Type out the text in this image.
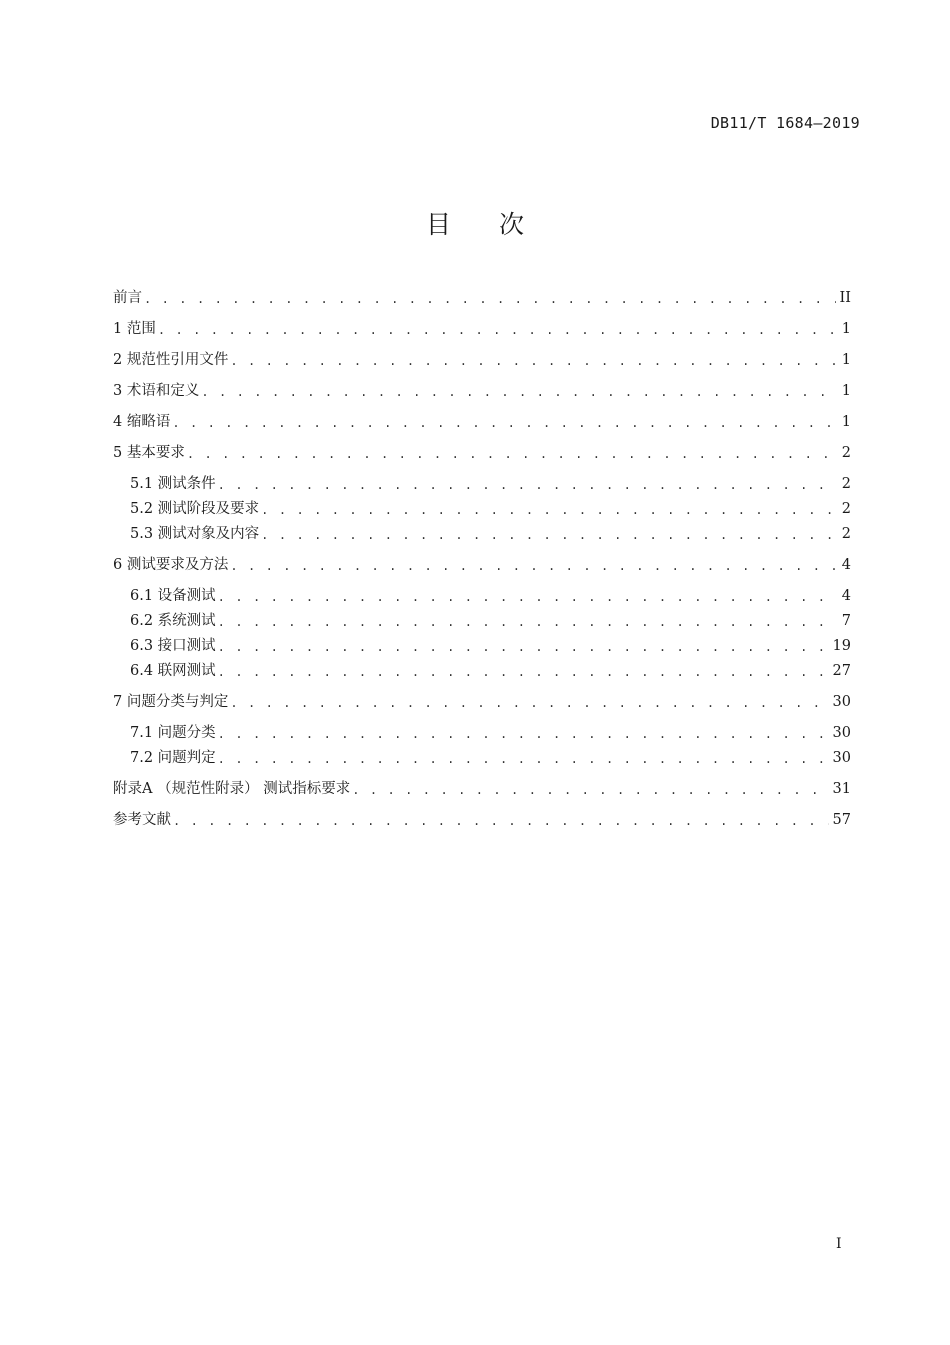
DB11/T 1684—2019
目 次
前言 . . .	II
1 范围 . . .	1
2 规范性引用文件 . . .	1
3 术语和定义 . . .	1
4 缩略语 . . .	1
5 基本要求 . . .	2
5.1 测试条件 . . .	2
5.2 测试阶段及要求 . . .	2
5.3 测试对象及内容 . . .	2
6 测试要求及方法 . . .	4
6.1 设备测试 . . .	4
6.2 系统测试 . . .	7
6.3 接口测试 . . .	19
6.4 联网测试 . . .	27
7 问题分类与判定 . . .	30
7.1 问题分类 . . .	30
7.2 问题判定 . . .	30
附录A （规范性附录） 测试指标要求 . . .	31
参考文献 . . .	57
I
